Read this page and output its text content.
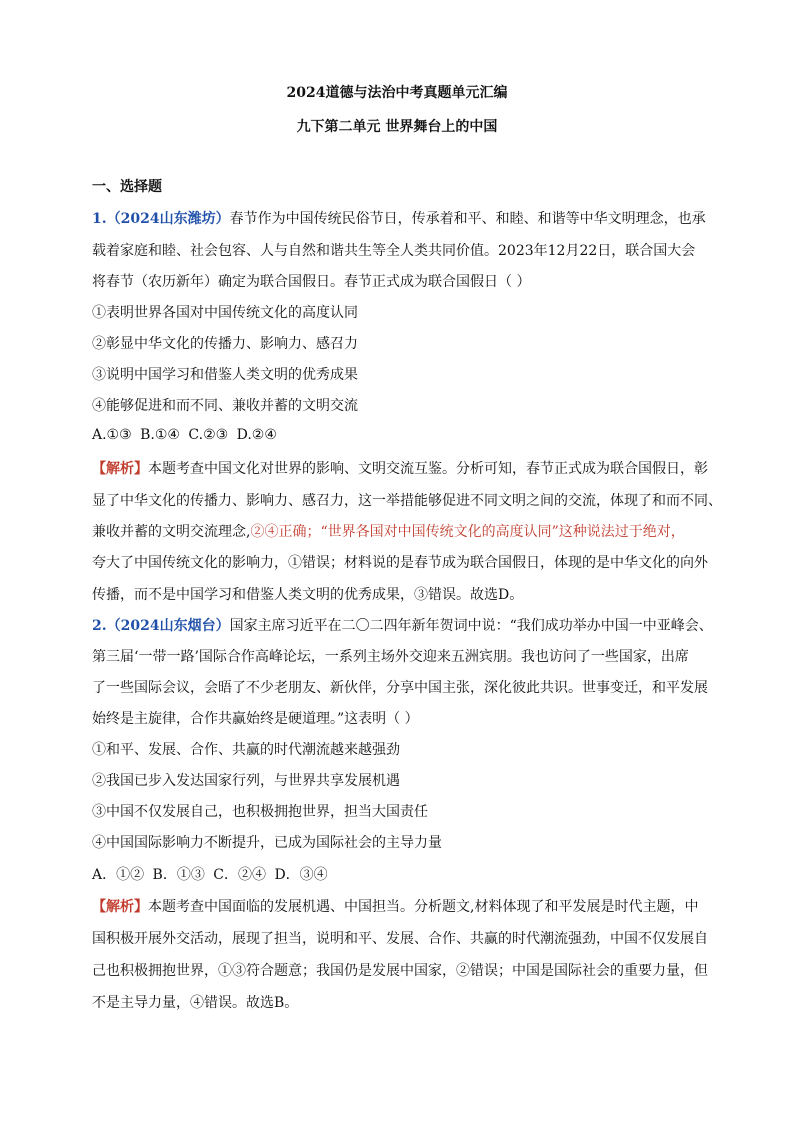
2024道德与法治中考真题单元汇编
九下第二单元 世界舞台上的中国
一、选择题
1.（2024山东潍坊）春节作为中国传统民俗节日，传承着和平、和睦、和谐等中华文明理念，也承
载着家庭和睦、社会包容、人与自然和谐共生等全人类共同价值。2023年12月22日，联合国大会
将春节（农历新年）确定为联合国假日。春节正式成为联合国假日（ ）
①表明世界各国对中国传统文化的高度认同
②彰显中华文化的传播力、影响力、感召力
③说明中国学习和借鉴人类文明的优秀成果
④能够促进和而不同、兼收并蓄的文明交流
A.①③ B.①④ C.②③ D.②④
【解析】本题考查中国文化对世界的影响、文明交流互鉴。分析可知，春节正式成为联合国假日，彰
显了中华文化的传播力、影响力、感召力，这一举措能够促进不同文明之间的交流，体现了和而不同、
兼收并蓄的文明交流理念,②④正确；“世界各国对中国传统文化的高度认同”这种说法过于绝对，
夸大了中国传统文化的影响力，①错误；材料说的是春节成为联合国假日，体现的是中华文化的向外
传播，而不是中国学习和借鉴人类文明的优秀成果，③错误。故选D。
2.（2024山东烟台）国家主席习近平在二〇二四年新年贺词中说：“我们成功举办中国一中亚峰会、
第三届‘一带一路’国际合作高峰论坛，一系列主场外交迎来五洲宾朋。我也访问了一些国家，出席
了一些国际会议，会晤了不少老朋友、新伙伴，分享中国主张，深化彼此共识。世事变迁，和平发展
始终是主旋律，合作共赢始终是硬道理。”这表明（ ）
①和平、发展、合作、共赢的时代潮流越来越强劲
②我国已步入发达国家行列，与世界共享发展机遇
③中国不仅发展自己，也积极拥抱世界，担当大国责任
④中国国际影响力不断提升，已成为国际社会的主导力量
A．①② B．①③ C．②④ D．③④
【解析】本题考查中国面临的发展机遇、中国担当。分析题文,材料体现了和平发展是时代主题，中
国积极开展外交活动，展现了担当，说明和平、发展、合作、共赢的时代潮流强劲，中国不仅发展自
己也积极拥抱世界，①③符合题意；我国仍是发展中国家，②错误；中国是国际社会的重要力量，但
不是主导力量，④错误。故选B。
